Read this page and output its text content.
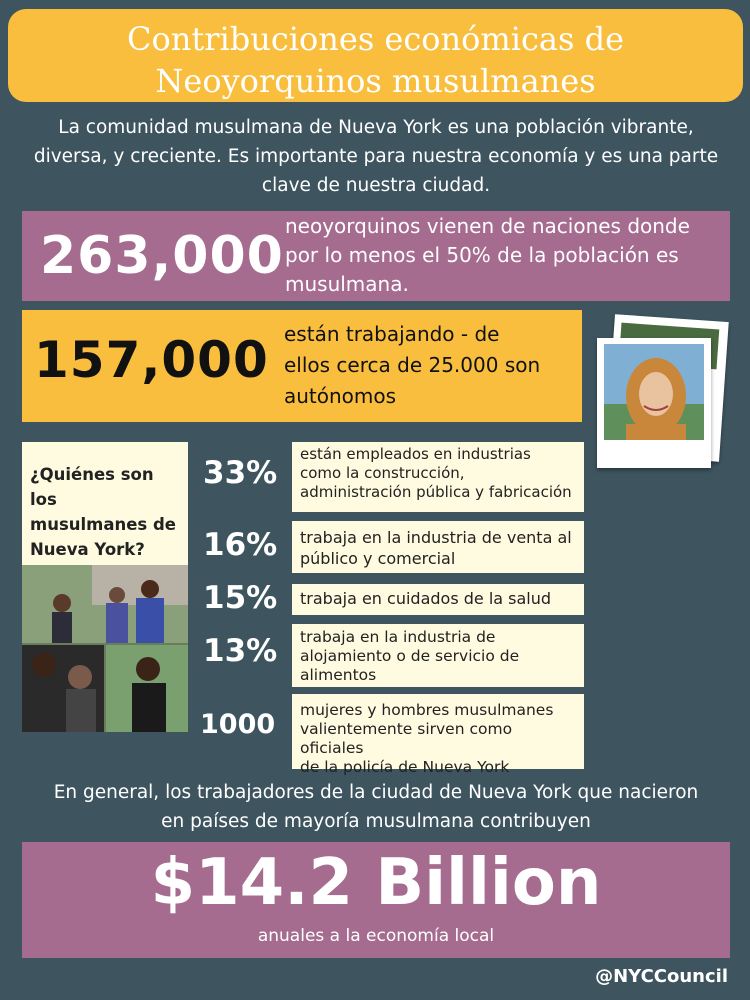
Contribuciones económicas de
Neoyorquinos musulmanes
La comunidad musulmana de Nueva York es una población vibrante,
diversa, y creciente. Es importante para nuestra economía y es una parte
clave de nuestra ciudad.
263,000 neoyorquinos vienen de naciones donde
por lo menos el 50% de la población es
musulmana.
157,000 están trabajando - de
ellos cerca de 25.000 son
autónomos
¿Quiénes son los
musulmanes de
Nueva York?
33%
están empleados en industrias
como la construcción,
administración pública y fabricación
16% trabaja en la industria de venta al
público y comercial
15% trabaja en cuidados de la salud
13% trabaja en la industria de
alojamiento o de servicio de
alimentos
1000 mujeres y hombres musulmanes
valientemente sirven como oficiales
de la policía de Nueva York
En general, los trabajadores de la ciudad de Nueva York que nacieron
en países de mayoría musulmana contribuyen
$14.2 Billion
anuales a la economía local
@NYCCouncil
